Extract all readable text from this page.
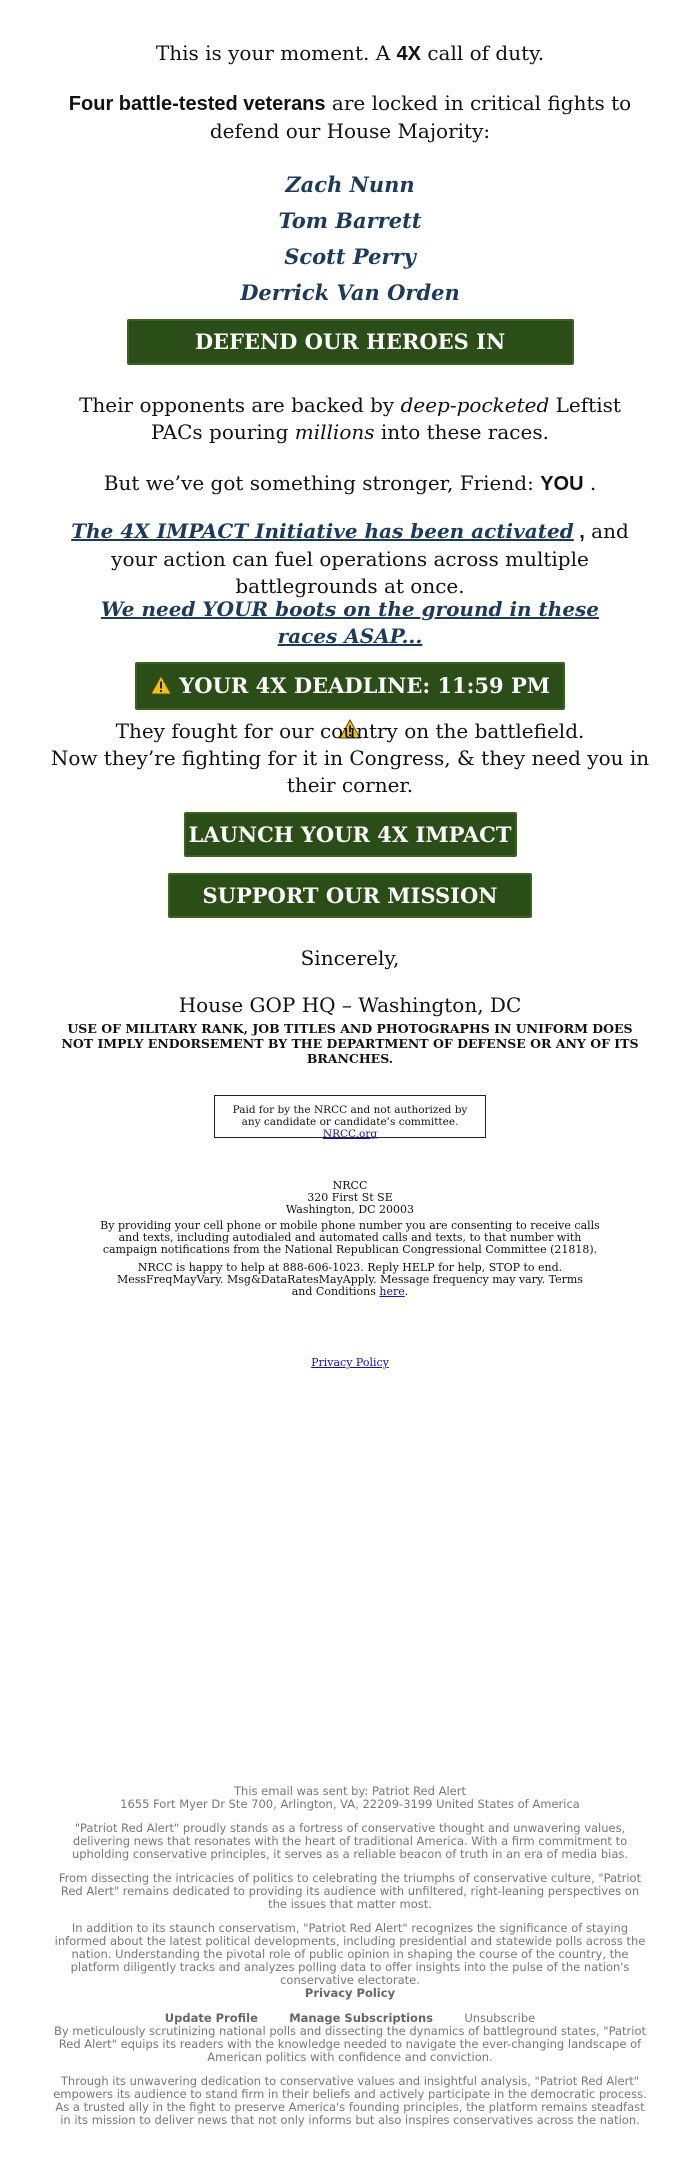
This is your moment. A 4X call of duty.
Four battle-tested veterans are locked in critical fights to defend our House Majority:
Zach Nunn
Tom Barrett
Scott Perry
Derrick Van Orden
DEFEND OUR HEROES IN CONGRESS
Their opponents are backed by deep-pocketed Leftist PACs pouring millions into these races.
But we’ve got something stronger, Friend: YOU .
The 4X IMPACT Initiative has been activated , and your action can fuel operations across multiple battlegrounds at once.
We need YOUR boots on the ground in these races ASAP...
YOUR 4X DEADLINE: 11:59 PM
They fought for our country on the battlefield.
Now they’re fighting for it in Congress, & they need you in their corner.
LAUNCH YOUR 4X IMPACT
SUPPORT OUR MISSION NOW
Sincerely,
House GOP HQ – Washington, DC
USE OF MILITARY RANK, JOB TITLES AND PHOTOGRAPHS IN UNIFORM DOES NOT IMPLY ENDORSEMENT BY THE DEPARTMENT OF DEFENSE OR ANY OF ITS BRANCHES.
Paid for by the NRCC and not authorized by any candidate or candidate’s committee. NRCC.org
NRCC
320 First St SE
Washington, DC 20003
By providing your cell phone or mobile phone number you are consenting to receive calls and texts, including autodialed and automated calls and texts, to that number with campaign notifications from the National Republican Congressional Committee (21818).
NRCC is happy to help at 888-606-1023. Reply HELP for help, STOP to end. MessFreqMayVary. Msg&DataRatesMayApply. Message frequency may vary. Terms and Conditions here.
Privacy Policy
This email was sent by: Patriot Red Alert
1655 Fort Myer Dr Ste 700, Arlington, VA, 22209-3199 United States of America
"Patriot Red Alert" proudly stands as a fortress of conservative thought and unwavering values, delivering news that resonates with the heart of traditional America. With a firm commitment to upholding conservative principles, it serves as a reliable beacon of truth in an era of media bias.
From dissecting the intricacies of politics to celebrating the triumphs of conservative culture, "Patriot Red Alert" remains dedicated to providing its audience with unfiltered, right-leaning perspectives on the issues that matter most.
In addition to its staunch conservatism, "Patriot Red Alert" recognizes the significance of staying informed about the latest political developments, including presidential and statewide polls across the nation. Understanding the pivotal role of public opinion in shaping the course of the country, the platform diligently tracks and analyzes polling data to offer insights into the pulse of the nation's conservative electorate.
Privacy Policy
Update Profile	Manage Subscriptions	Unsubscribe
By meticulously scrutinizing national polls and dissecting the dynamics of battleground states, "Patriot Red Alert" equips its readers with the knowledge needed to navigate the ever-changing landscape of American politics with confidence and conviction.
Through its unwavering dedication to conservative values and insightful analysis, "Patriot Red Alert" empowers its audience to stand firm in their beliefs and actively participate in the democratic process. As a trusted ally in the fight to preserve America's founding principles, the platform remains steadfast in its mission to deliver news that not only informs but also inspires conservatives across the nation.
